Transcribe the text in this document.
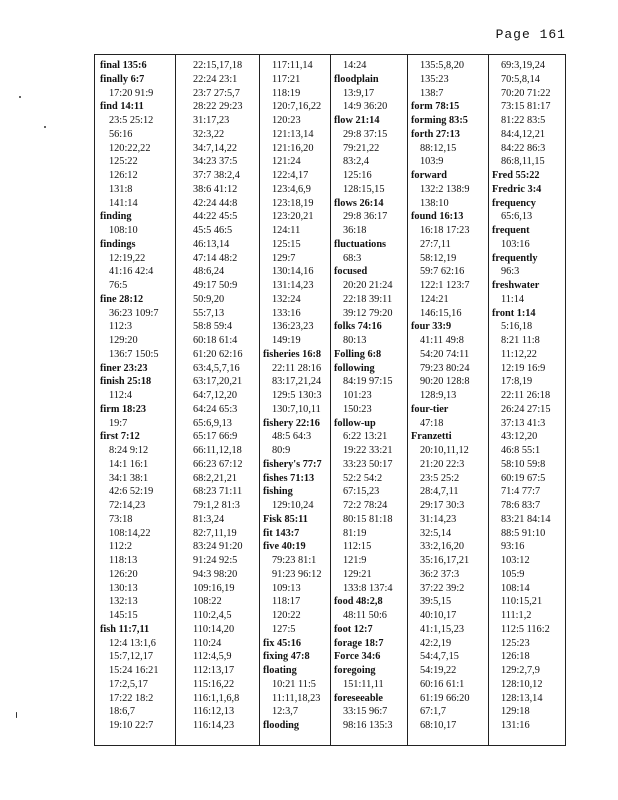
Page 161
final 135:6
finally 6:7
17:20 91:9
find 14:11
23:5 25:12
56:16
120:22,22
125:22
126:12
131:8
141:14
finding
108:10
findings
12:19,22
41:16 42:4
76:5
fine 28:12
36:23 109:7
112:3
129:20
136:7 150:5
finer 23:23
finish 25:18
112:4
firm 18:23
19:7
first 7:12
8:24 9:12
14:1 16:1
34:1 38:1
42:6 52:19
72:14,23
73:18
108:14,22
112:2
118:13
126:20
130:13
132:13
145:15
fish 11:7,11
12:4 13:1,6
15:7,12,17
15:24 16:21
17:2,5,17
17:22 18:2
18:6,7
19:10 22:7
22:15,17,18
22:24 23:1
23:7 27:5,7
28:22 29:23
31:17,23
32:3,22
34:7,14,22
34:23 37:5
37:7 38:2,4
38:6 41:12
42:24 44:8
44:22 45:5
45:5 46:5
46:13,14
47:14 48:2
48:6,24
49:17 50:9
50:9,20
55:7,13
58:8 59:4
60:18 61:4
61:20 62:16
63:4,5,7,16
63:17,20,21
64:7,12,20
64:24 65:3
65:6,9,13
65:17 66:9
66:11,12,18
66:23 67:12
68:2,21,21
68:23 71:11
79:1,2 81:3
81:3,24
82:7,11,19
83:24 91:20
91:24 92:5
94:3 98:20
109:16,19
108:22
110:2,4,5
110:14,20
110:24
112:4,5,9
112:13,17
115:16,22
116:1,1,6,8
116:12,13
116:14,23
117:11,14
117:21
118:19
120:7,16,22
120:23
121:13,14
121:16,20
121:24
122:4,17
123:4,6,9
123:18,19
123:20,21
124:11
125:15
129:7
130:14,16
131:14,23
132:24
133:16
136:23,23
149:19
fisheries 16:8
22:11 28:16
83:17,21,24
129:5 130:3
130:7,10,11
fishery 22:16
48:5 64:3
80:9
fishery's 77:7
fishes 71:13
fishing
129:10,24
Fisk 85:11
fit 143:7
five 40:19
79:23 81:1
91:23 96:12
109:13
118:17
120:22
127:5
fix 45:16
fixing 47:8
floating
10:21 11:5
11:11,18,23
12:3,7
flooding
14:24
floodplain
13:9,17
14:9 36:20
flow 21:14
29:8 37:15
79:21,22
83:2,4
125:16
128:15,15
flows 26:14
29:8 36:17
36:18
fluctuations
68:3
focused
20:20 21:24
22:18 39:11
39:12 79:20
folks 74:16
80:13
Folling 6:8
following
84:19 97:15
101:23
150:23
follow-up
6:22 13:21
19:22 33:21
33:23 50:17
52:2 54:2
67:15,23
72:2 78:24
80:15 81:18
81:19
112:15
121:9
129:21
133:8 137:4
food 48:2,8
48:11 50:6
foot 12:7
forage 18:7
Force 34:6
foregoing
151:11,11
foreseeable
33:15 96:7
98:16 135:3
135:5,8,20
135:23
138:7
form 78:15
forming 83:5
forth 27:13
88:12,15
103:9
forward
132:2 138:9
138:10
found 16:13
16:18 17:23
27:7,11
58:12,19
59:7 62:16
122:1 123:7
124:21
146:15,16
four 33:9
41:11 49:8
54:20 74:11
79:23 80:24
90:20 128:8
128:9,13
four-tier
47:18
Franzetti
20:10,11,12
21:20 22:3
23:5 25:2
28:4,7,11
29:17 30:3
31:14,23
32:5,14
33:2,16,20
35:16,17,21
36:2 37:3
37:22 39:2
39:5,15
40:10,17
41:1,15,23
42:2,19
54:4,7,15
54:19,22
60:16 61:1
61:19 66:20
67:1,7
68:10,17
69:3,19,24
70:5,8,14
70:20 71:22
73:15 81:17
81:22 83:5
84:4,12,21
84:22 86:3
86:8,11,15
Fred 55:22
Fredric 3:4
frequency
65:6,13
frequent
103:16
frequently
96:3
freshwater
11:14
front 1:14
5:16,18
8:21 11:8
11:12,22
12:19 16:9
17:8,19
22:11 26:18
26:24 27:15
37:13 41:3
43:12,20
46:8 55:1
58:10 59:8
60:19 67:5
71:4 77:7
78:6 83:7
83:21 84:14
88:5 91:10
93:16
103:12
105:9
108:14
110:15,21
111:1,2
112:5 116:2
125:23
126:18
129:2,7,9
128:10,12
128:13,14
129:18
131:16
